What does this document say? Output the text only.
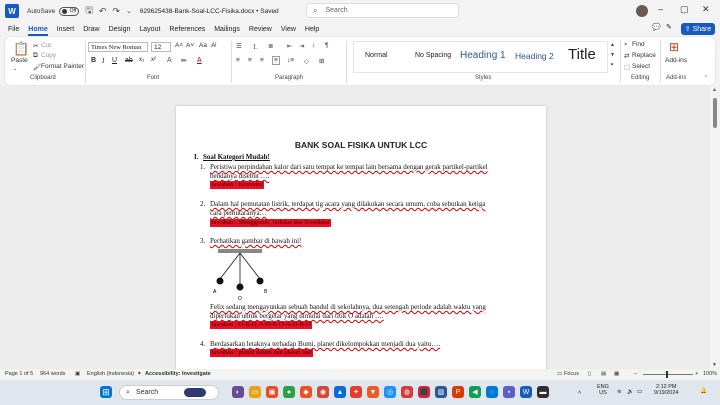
W	AutoSave	Off 🖫 ↶ ↷ ⌄ 629625438-Bank-Soal-LCC-Fisika.docx • Saved	⌕ Search	– ▢ ✕
File Home Insert Draw Design Layout References Mailings Review View Help	💬 ✎ ⇪ Share
📋
Paste
⌄
✂ Cut
⧉ Copy
🖌 Format Painter
Clipboard
Times New Roman	12	A˄ A˅ Aa A̸
B I U ab x₂ x² A ✏ A
Font
☰ ⒈ ≣ ⇤ ⇥ ↕ ¶
≡ ≡ ≡	≡	↕≡ ◇ ⊞
Paragraph
Normal	No Spacing Heading 1 Heading 2 Title
▲
▼
⏷
Styles
⌕ Find
⇄ Replace
⬚ Select
Editing
⊞
Add-ins
Add-ins	⌃
BANK SOAL FISIKA UNTUK LCC
I. Soal Kategori Mudah!
1. Peristiwa perpindahan kalor dari satu tempat ke tempat lain bersama dengan gerak partikel-partikel
bendanya disebut ….
Jawaban : Konveksi
2. Dalam hal pemutatan listrik, terdapat tig acara yang dilakukan secara umum, coba sebutkan ketiga
cara pemutaranya…
Jawaban : Menggosok, Induksi dan Konduksi
3. Perhatikan gambar di bawah ini!
A	B
O
Felix sedang mengayunkan sebuah bandul di sekolahnya, dua setengah periode adalah waktu yang
diperlukan untuk bergetar yang dimulai dari titik O adalah ….
Jawaban : O-B-O-A-O-B-O-A-O-B-O
4. Berdasarkan letaknya terhadap Bumi, planet dikelompokkan menjadi dua yaitu….
Jawaban : planet dalam dan planet luar
▲
▼
Page 1 of 5 964 words ▣ English (Indonesia) ✦ Accessibility: Investigate	▭ Focus ▯ ▤ ▦	–	+ 100%
⊞	⌕ Search	◐	▭	▣	●	◆	◉	▲	✦	▼	◎	◍	⬛	▥	P	◀	◌	▪	W	▬	˄
ENG
US	≋ 🔈 ▭
2:12 PM
9/19/2024	🔔
